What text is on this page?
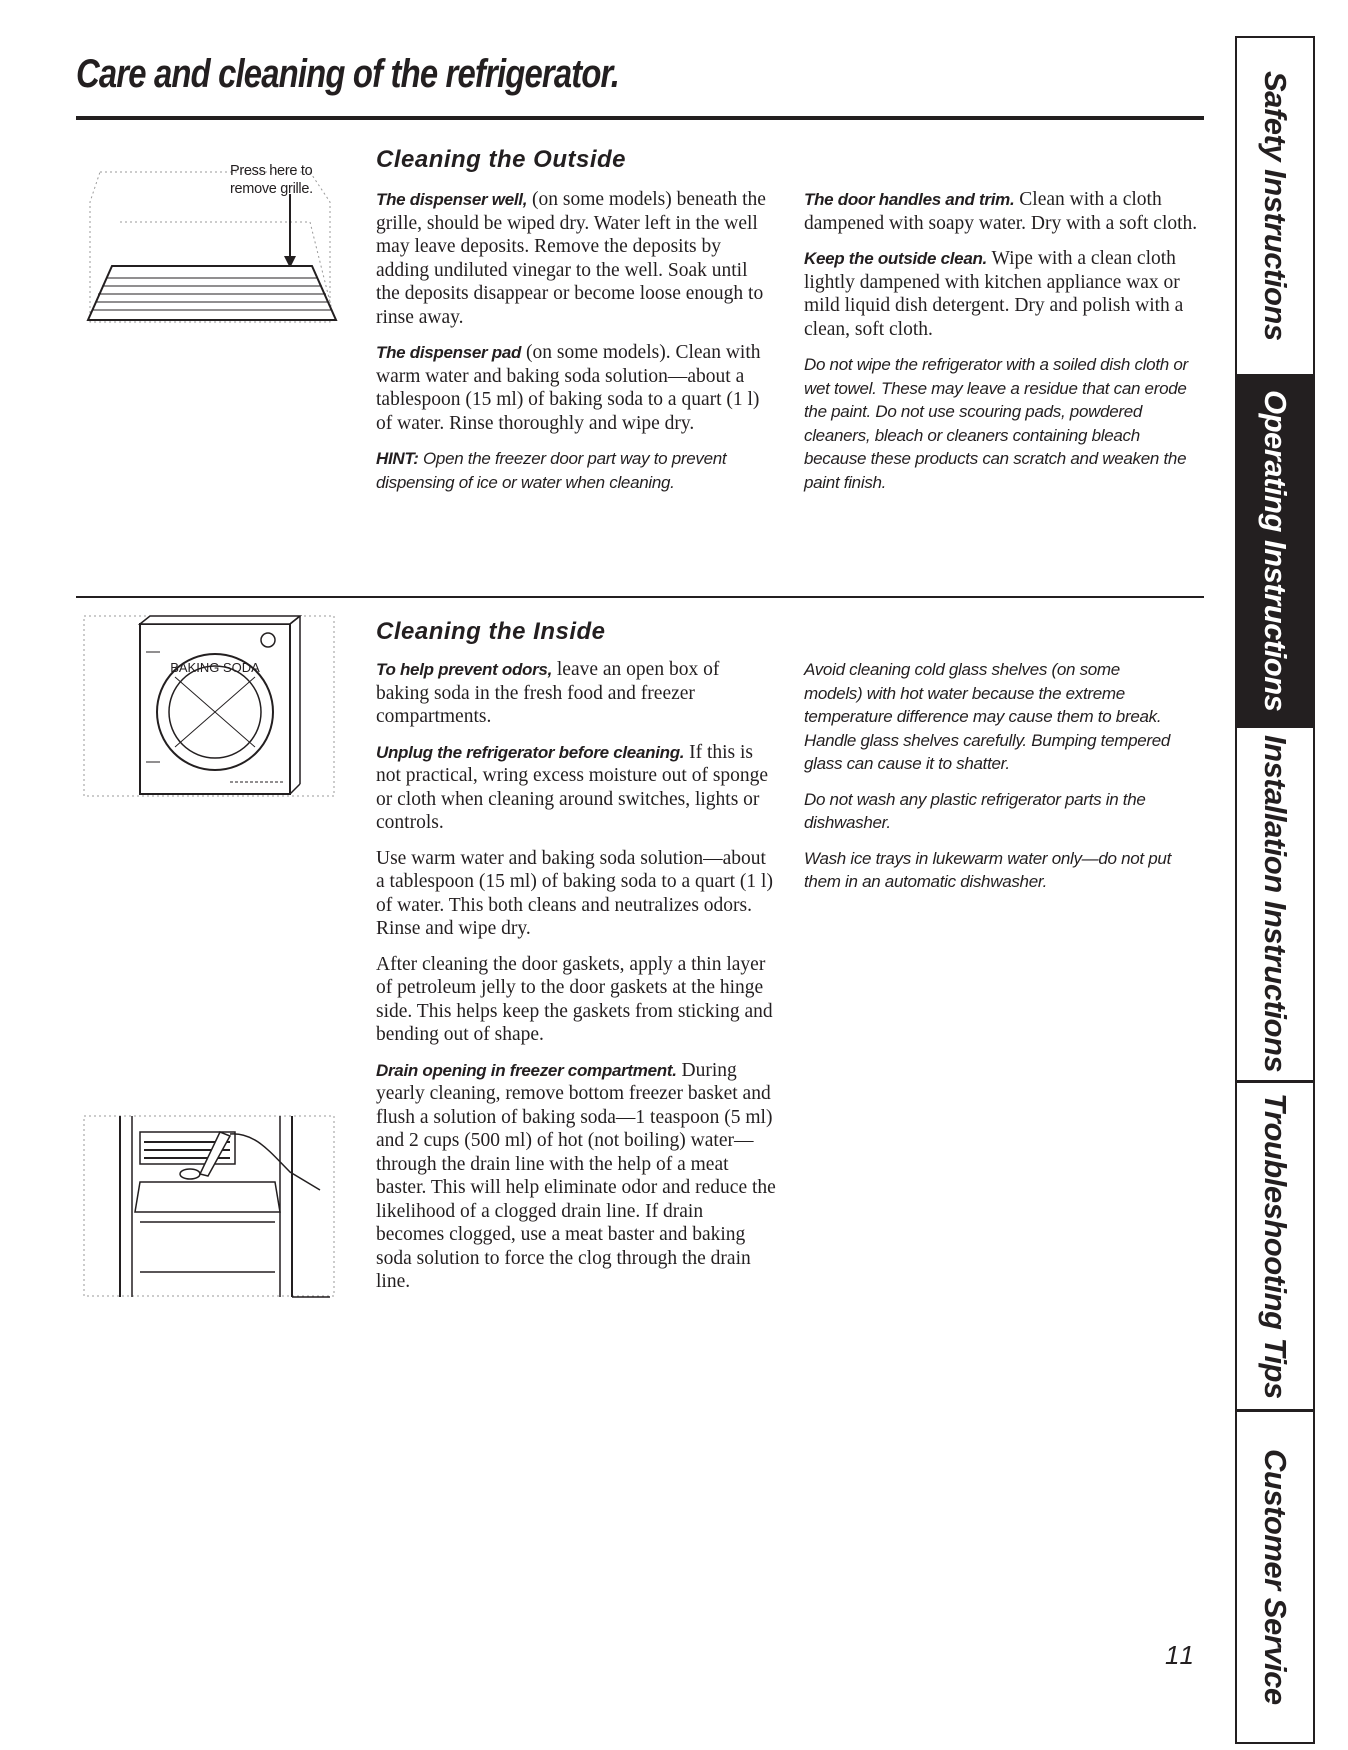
Care and cleaning of the refrigerator.
Press here to remove grille.
Cleaning the Outside

The dispenser well, (on some models) beneath the grille, should be wiped dry. Water left in the well may leave deposits. Remove the deposits by adding undiluted vinegar to the well. Soak until the deposits disappear or become loose enough to rinse away.

The dispenser pad (on some models). Clean with warm water and baking soda solution—about a tablespoon (15 ml) of baking soda to a quart (1 l) of water. Rinse thoroughly and wipe dry.

HINT: Open the freezer door part way to prevent dispensing of ice or water when cleaning.

The door handles and trim. Clean with a cloth dampened with soapy water. Dry with a soft cloth.

Keep the outside clean. Wipe with a clean cloth lightly dampened with kitchen appliance wax or mild liquid dish detergent. Dry and polish with a clean, soft cloth.

Do not wipe the refrigerator with a soiled dish cloth or wet towel. These may leave a residue that can erode the paint. Do not use scouring pads, powdered cleaners, bleach or cleaners containing bleach because these products can scratch and weaken the paint finish.

BAKING SODA
Cleaning the Inside

To help prevent odors, leave an open box of baking soda in the fresh food and freezer compartments.

Unplug the refrigerator before cleaning. If this is not practical, wring excess moisture out of sponge or cloth when cleaning around switches, lights or controls.

Use warm water and baking soda solution—about a tablespoon (15 ml) of baking soda to a quart (1 l) of water. This both cleans and neutralizes odors. Rinse and wipe dry.

After cleaning the door gaskets, apply a thin layer of petroleum jelly to the door gaskets at the hinge side. This helps keep the gaskets from sticking and bending out of shape.

Drain opening in freezer compartment. During yearly cleaning, remove bottom freezer basket and flush a solution of baking soda—1 teaspoon (5 ml) and 2 cups (500 ml) of hot (not boiling) water—through the drain line with the help of a meat baster. This will help eliminate odor and reduce the likelihood of a clogged drain line. If drain becomes clogged, use a meat baster and baking soda solution to force the clog through the drain line.

Avoid cleaning cold glass shelves (on some models) with hot water because the extreme temperature difference may cause them to break. Handle glass shelves carefully. Bumping tempered glass can cause it to shatter.

Do not wash any plastic refrigerator parts in the dishwasher.

Wash ice trays in lukewarm water only—do not put them in an automatic dishwasher.

Safety Instructions
Operating Instructions
Installation Instructions
Troubleshooting Tips
Customer Service
11
